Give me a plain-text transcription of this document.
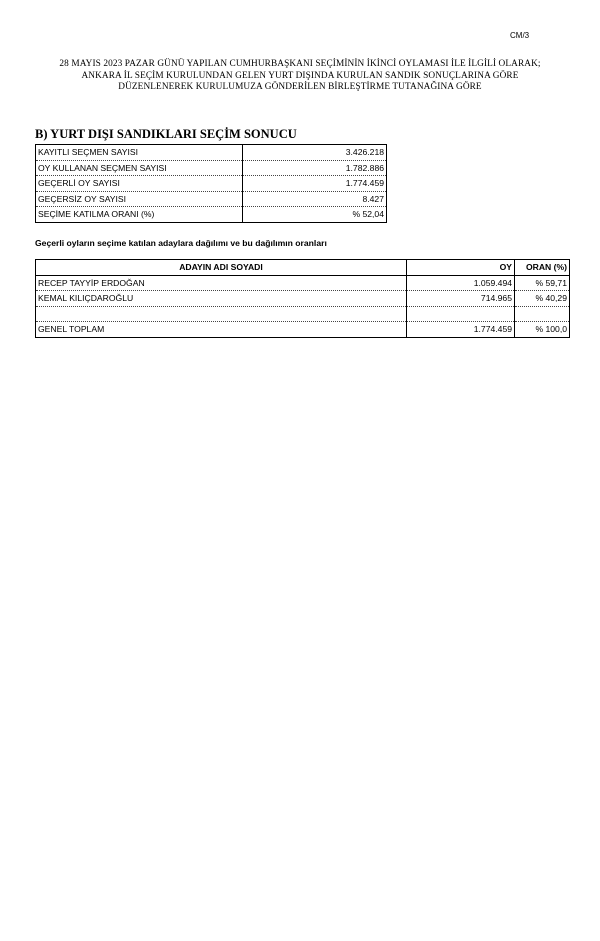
CM/3
28 MAYIS 2023 PAZAR GÜNÜ YAPILAN CUMHURBAŞKANI SEÇİMİNİN İKİNCİ OYLAMASI İLE İLGİLİ OLARAK;
ANKARA İL SEÇİM KURULUNDAN GELEN YURT DIŞINDA KURULAN SANDIK SONUÇLARINA GÖRE
DÜZENLENEREK KURULUMUZA GÖNDERİLEN BİRLEŞTİRME TUTANAĞINA GÖRE
B) YURT DIŞI SANDIKLARI SEÇİM SONUCU
KAYITLI SEÇMEN SAYISI	3.426.218
OY KULLANAN SEÇMEN SAYISI	1.782.886
GEÇERLİ OY SAYISI	1.774.459
GEÇERSİZ OY SAYISI	8.427
SEÇİME KATILMA ORANI (%)	% 52,04
Geçerli oyların seçime katılan adaylara dağılımı ve bu dağılımın oranları
ADAYIN ADI SOYADI	OY	ORAN (%)
RECEP TAYYİP ERDOĞAN	1.059.494	% 59,71
KEMAL KILIÇDAROĞLU	714.965	% 40,29

GENEL TOPLAM	1.774.459	% 100,0
